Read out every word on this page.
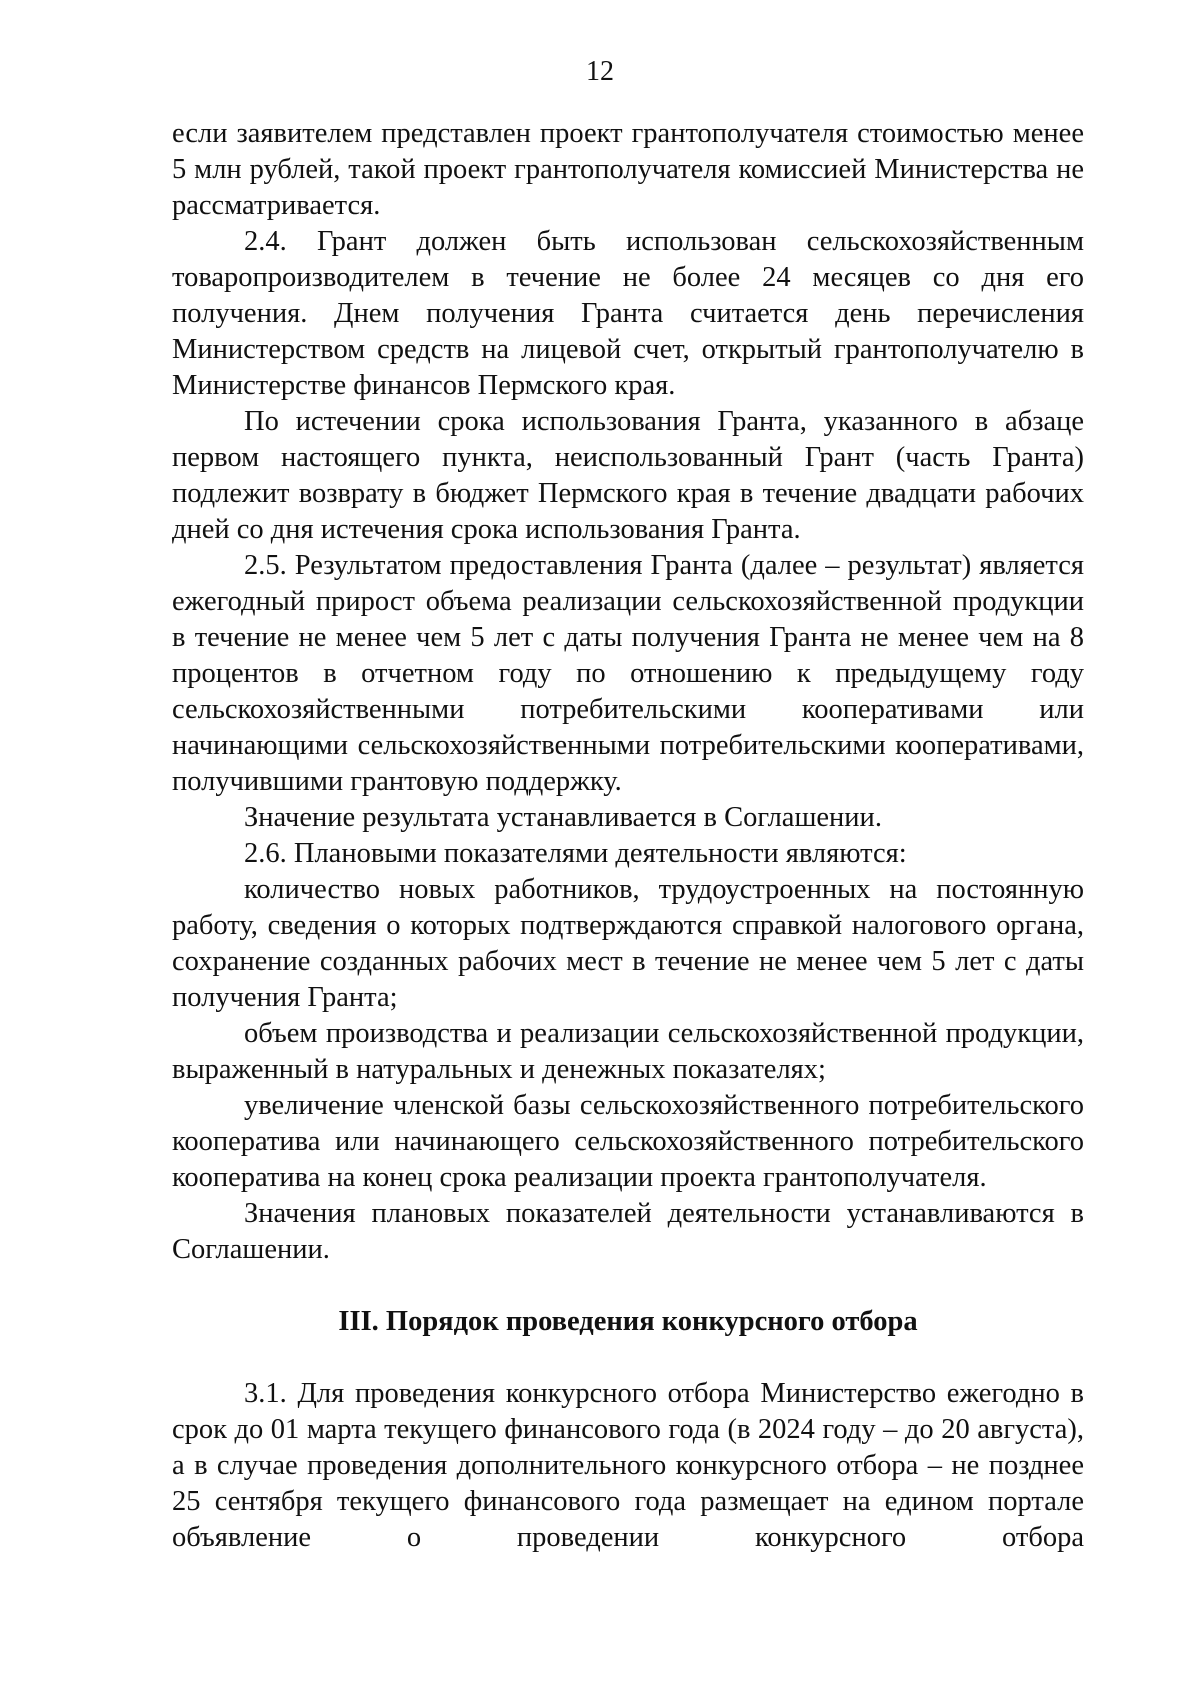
12

если заявителем представлен проект грантополучателя стоимостью менее 5 млн рублей, такой проект грантополучателя комиссией Министерства не рассматривается.

2.4. Грант должен быть использован сельскохозяйственным товаропроизводителем в течение не более 24 месяцев со дня его получения. Днем получения Гранта считается день перечисления Министерством средств на лицевой счет, открытый грантополучателю в Министерстве финансов Пермского края.

По истечении срока использования Гранта, указанного в абзаце первом настоящего пункта, неиспользованный Грант (часть Гранта) подлежит возврату в бюджет Пермского края в течение двадцати рабочих дней со дня истечения срока использования Гранта.

2.5. Результатом предоставления Гранта (далее – результат) является ежегодный прирост объема реализации сельскохозяйственной продукции в течение не менее чем 5 лет с даты получения Гранта не менее чем на 8 процентов в отчетном году по отношению к предыдущему году сельскохозяйственными потребительскими кооперативами или начинающими сельскохозяйственными потребительскими кооперативами, получившими грантовую поддержку.

Значение результата устанавливается в Соглашении.

2.6. Плановыми показателями деятельности являются:

количество новых работников, трудоустроенных на постоянную работу, сведения о которых подтверждаются справкой налогового органа, сохранение созданных рабочих мест в течение не менее чем 5 лет с даты получения Гранта;

объем производства и реализации сельскохозяйственной продукции, выраженный в натуральных и денежных показателях;

увеличение членской базы сельскохозяйственного потребительского кооператива или начинающего сельскохозяйственного потребительского кооператива на конец срока реализации проекта грантополучателя.

Значения плановых показателей деятельности устанавливаются в Соглашении.

III. Порядок проведения конкурсного отбора

3.1. Для проведения конкурсного отбора Министерство ежегодно в срок до 01 марта текущего финансового года (в 2024 году – до 20 августа), а в случае проведения дополнительного конкурсного отбора – не позднее 25 сентября текущего финансового года размещает на едином портале объявление о проведении конкурсного отбора
